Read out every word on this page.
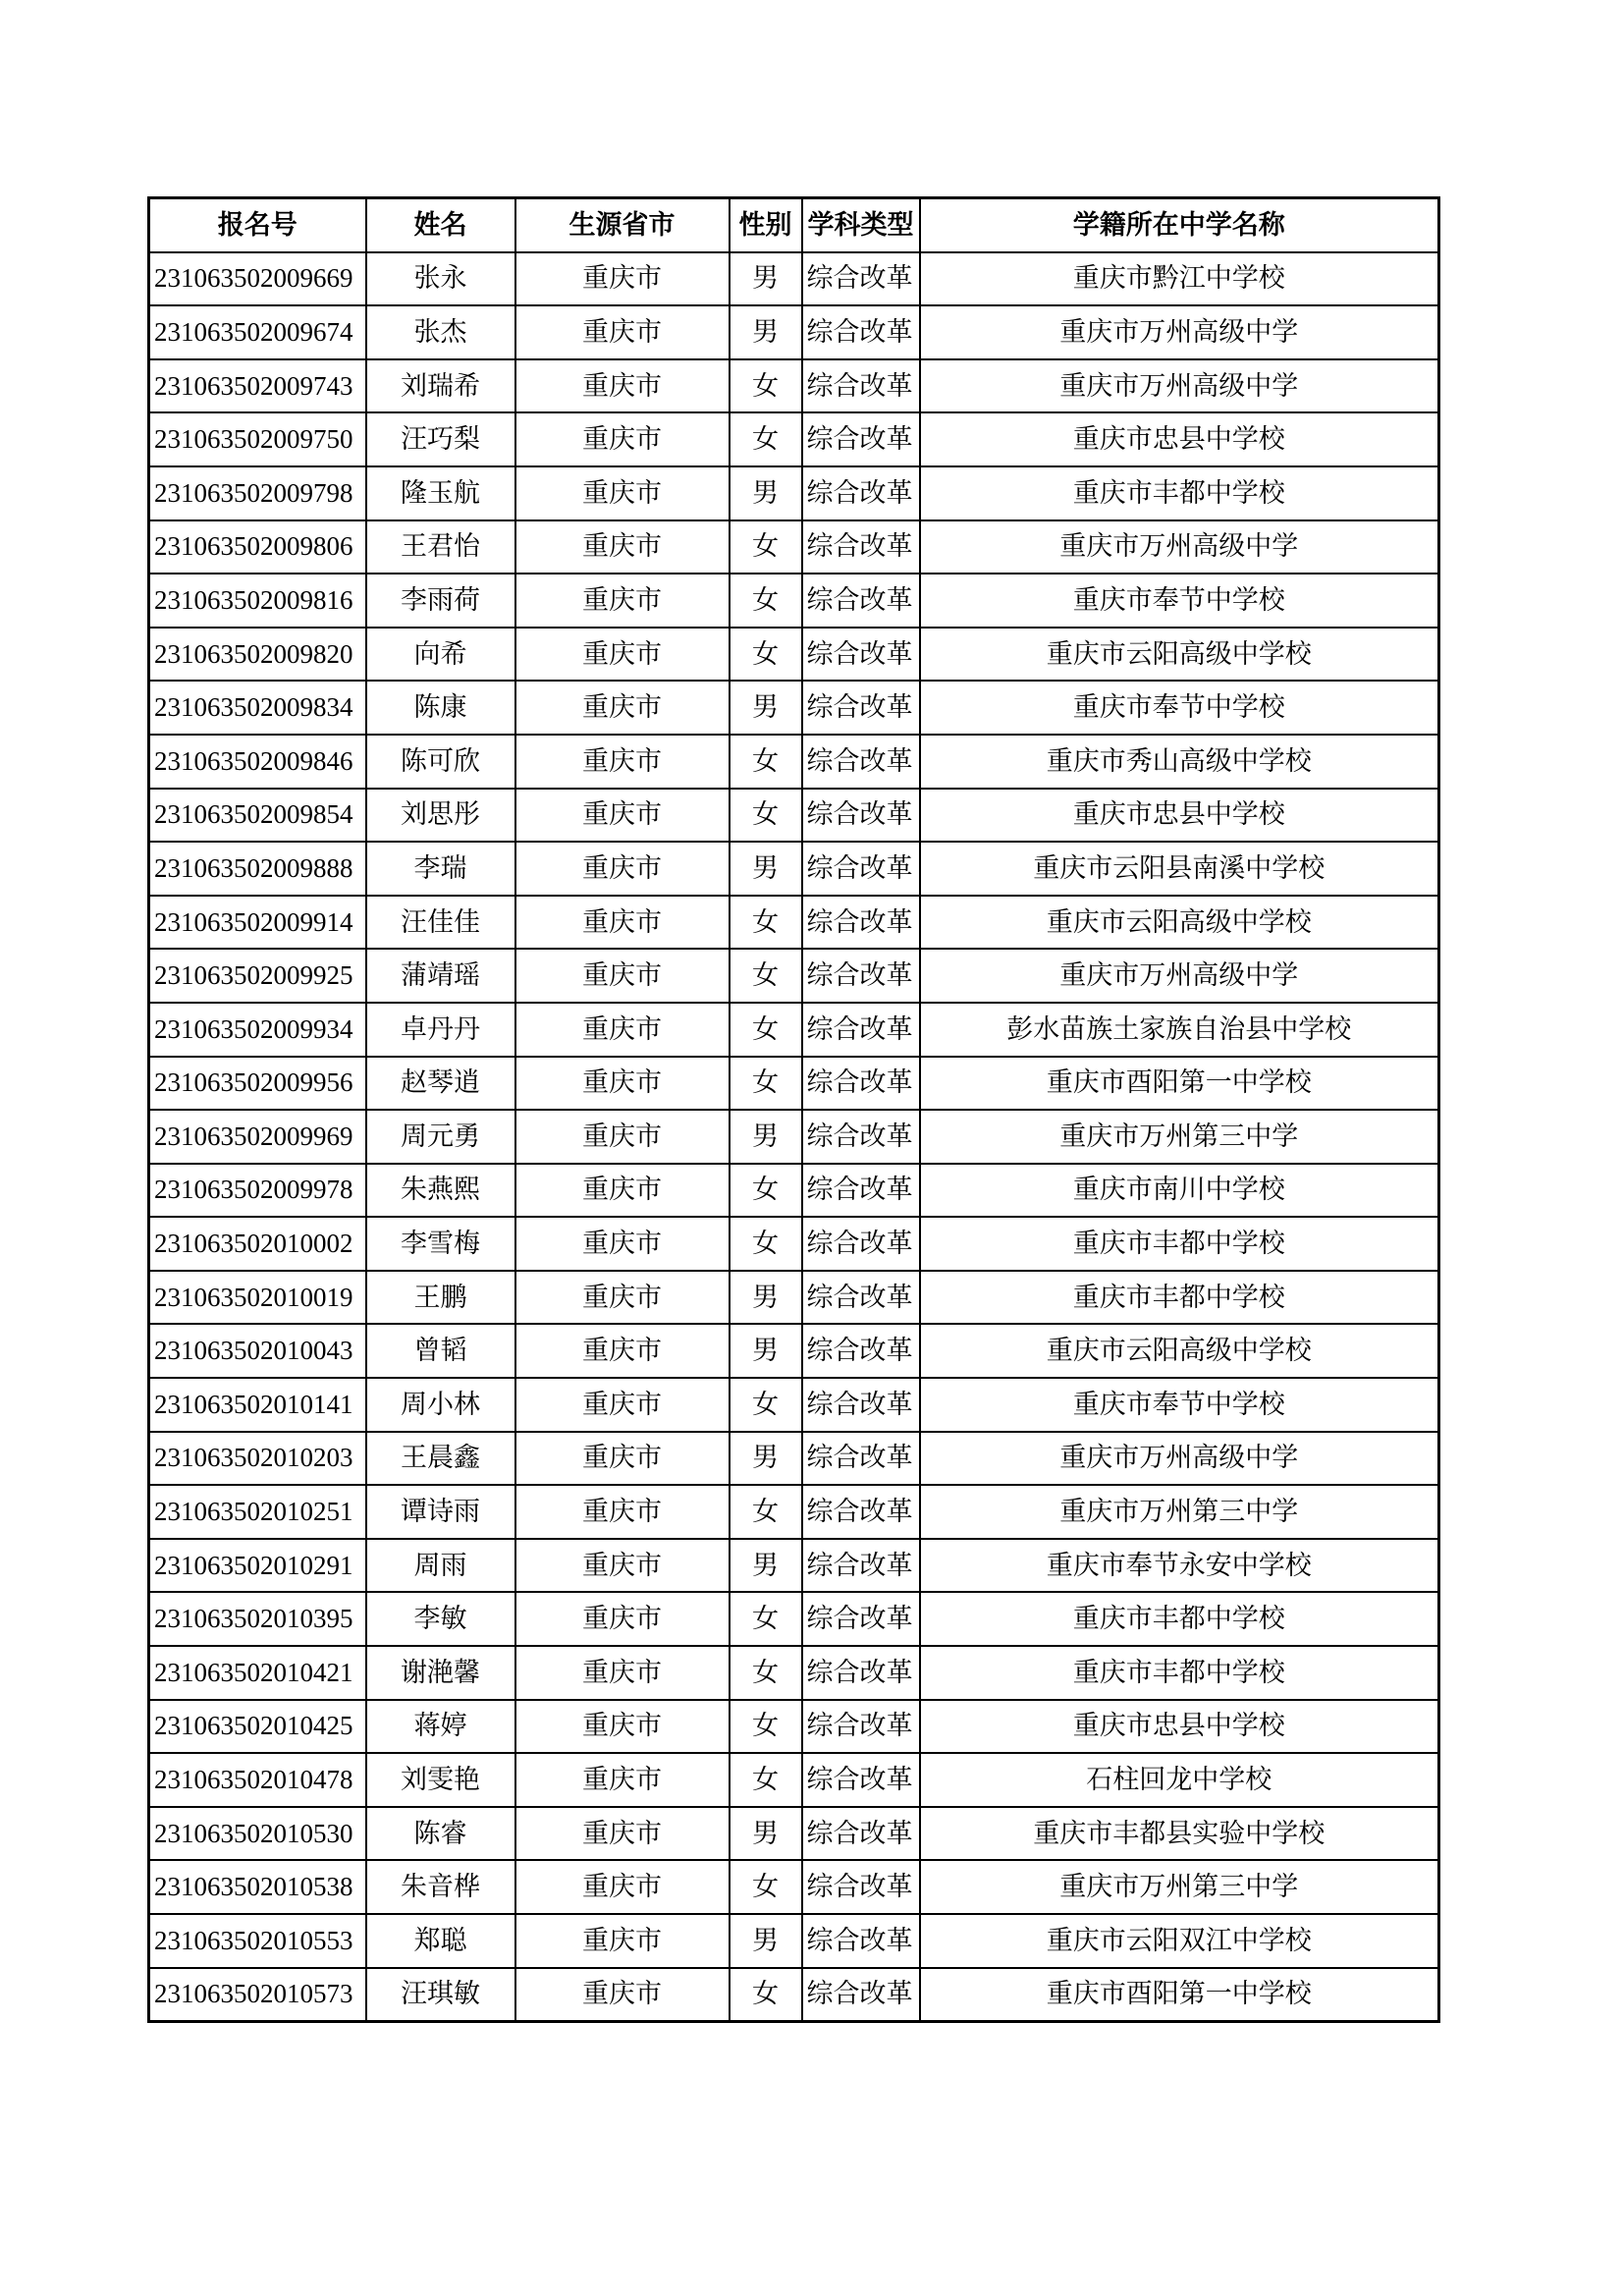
报名号	姓名	生源省市	性别	学科类型	学籍所在中学名称
231063502009669	张永	重庆市	男	综合改革	重庆市黔江中学校
231063502009674	张杰	重庆市	男	综合改革	重庆市万州高级中学
231063502009743	刘瑞希	重庆市	女	综合改革	重庆市万州高级中学
231063502009750	汪巧梨	重庆市	女	综合改革	重庆市忠县中学校
231063502009798	隆玉航	重庆市	男	综合改革	重庆市丰都中学校
231063502009806	王君怡	重庆市	女	综合改革	重庆市万州高级中学
231063502009816	李雨荷	重庆市	女	综合改革	重庆市奉节中学校
231063502009820	向希	重庆市	女	综合改革	重庆市云阳高级中学校
231063502009834	陈康	重庆市	男	综合改革	重庆市奉节中学校
231063502009846	陈可欣	重庆市	女	综合改革	重庆市秀山高级中学校
231063502009854	刘思彤	重庆市	女	综合改革	重庆市忠县中学校
231063502009888	李瑞	重庆市	男	综合改革	重庆市云阳县南溪中学校
231063502009914	汪佳佳	重庆市	女	综合改革	重庆市云阳高级中学校
231063502009925	蒲靖瑶	重庆市	女	综合改革	重庆市万州高级中学
231063502009934	卓丹丹	重庆市	女	综合改革	彭水苗族土家族自治县中学校
231063502009956	赵琴逍	重庆市	女	综合改革	重庆市酉阳第一中学校
231063502009969	周元勇	重庆市	男	综合改革	重庆市万州第三中学
231063502009978	朱燕熙	重庆市	女	综合改革	重庆市南川中学校
231063502010002	李雪梅	重庆市	女	综合改革	重庆市丰都中学校
231063502010019	王鹏	重庆市	男	综合改革	重庆市丰都中学校
231063502010043	曾韬	重庆市	男	综合改革	重庆市云阳高级中学校
231063502010141	周小林	重庆市	女	综合改革	重庆市奉节中学校
231063502010203	王晨鑫	重庆市	男	综合改革	重庆市万州高级中学
231063502010251	谭诗雨	重庆市	女	综合改革	重庆市万州第三中学
231063502010291	周雨	重庆市	男	综合改革	重庆市奉节永安中学校
231063502010395	李敏	重庆市	女	综合改革	重庆市丰都中学校
231063502010421	谢滟馨	重庆市	女	综合改革	重庆市丰都中学校
231063502010425	蒋婷	重庆市	女	综合改革	重庆市忠县中学校
231063502010478	刘雯艳	重庆市	女	综合改革	石柱回龙中学校
231063502010530	陈睿	重庆市	男	综合改革	重庆市丰都县实验中学校
231063502010538	朱音桦	重庆市	女	综合改革	重庆市万州第三中学
231063502010553	郑聪	重庆市	男	综合改革	重庆市云阳双江中学校
231063502010573	汪琪敏	重庆市	女	综合改革	重庆市酉阳第一中学校
